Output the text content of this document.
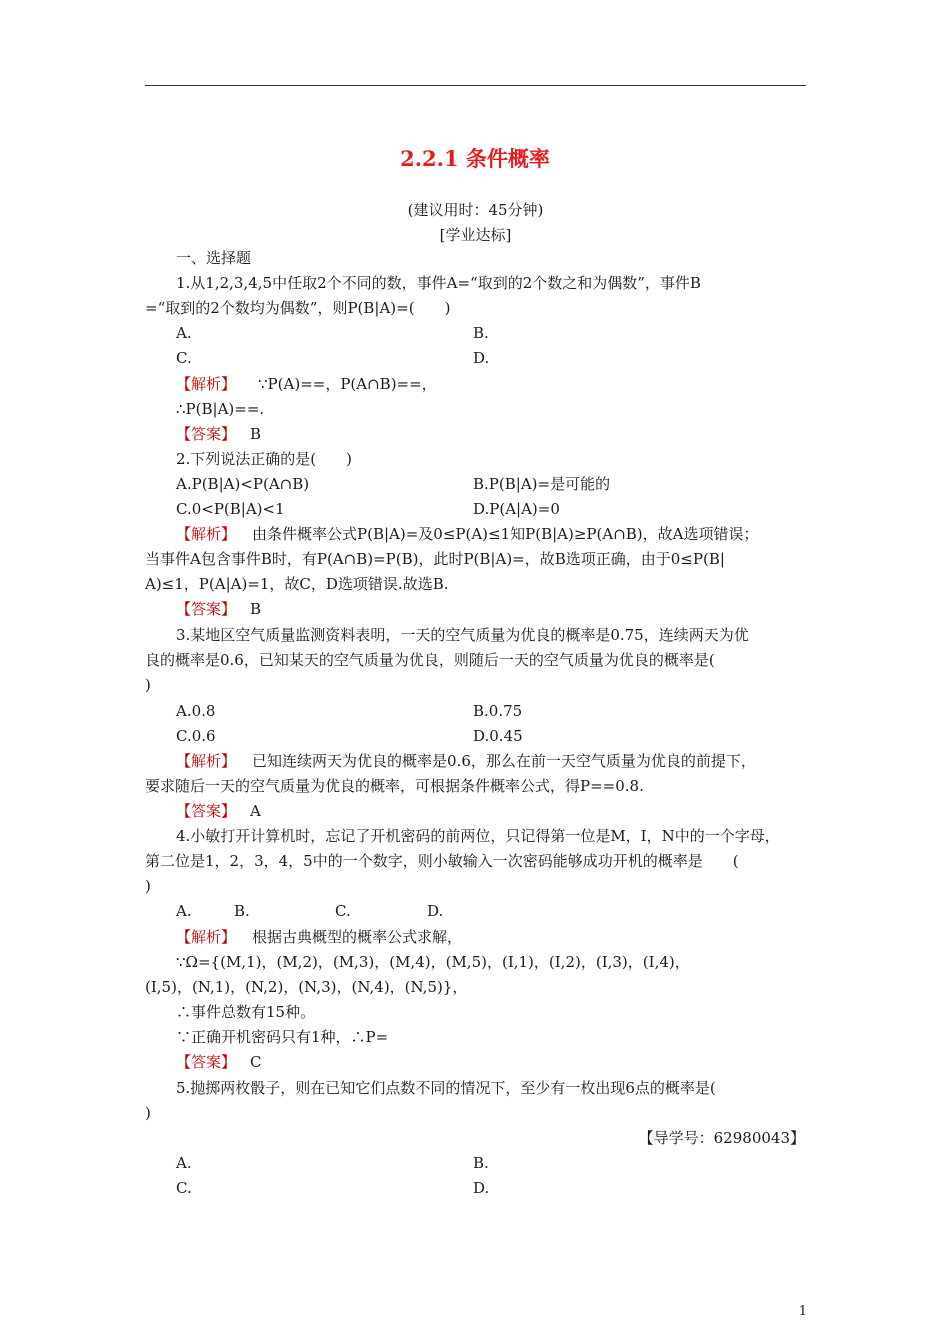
2.2.1 条件概率
(建议用时：45分钟)
[学业达标]
一、选择题
1.从1,2,3,4,5中任取2个不同的数，事件A=“取到的2个数之和为偶数”，事件B
=“取到的2个数均为偶数”，则P(B|A)=(　　)
A.	B.
C.	D.
【解析】 ∵P(A)==，P(A∩B)==，
∴P(B|A)==.
【答案】 B
2.下列说法正确的是(　　)
A.P(B|A)<P(A∩B)	B.P(B|A)=是可能的
C.0<P(B|A)<1	D.P(A|A)=0
【解析】 由条件概率公式P(B|A)=及0≤P(A)≤1知P(B|A)≥P(A∩B)，故A选项错误；
当事件A包含事件B时，有P(A∩B)=P(B)，此时P(B|A)=，故B选项正确，由于0≤P(B|
A)≤1，P(A|A)=1，故C，D选项错误.故选B.
【答案】 B
3.某地区空气质量监测资料表明，一天的空气质量为优良的概率是0.75，连续两天为优
良的概率是0.6，已知某天的空气质量为优良，则随后一天的空气质量为优良的概率是(
)
A.0.8	B.0.75
C.0.6	D.0.45
【解析】 已知连续两天为优良的概率是0.6，那么在前一天空气质量为优良的前提下，
要求随后一天的空气质量为优良的概率，可根据条件概率公式，得P==0.8.
【答案】 A
4.小敏打开计算机时，忘记了开机密码的前两位，只记得第一位是M，I，N中的一个字母，
第二位是1，2，3，4，5中的一个数字，则小敏输入一次密码能够成功开机的概率是　　(
)
A.	B.	C.	D.
【解析】 根据古典概型的概率公式求解，
∵Ω={(M,1)，(M,2)，(M,3)，(M,4)，(M,5)，(I,1)，(I,2)，(I,3)，(I,4)，
(I,5)，(N,1)，(N,2)，(N,3)，(N,4)，(N,5)}，
∴事件总数有15种。
∵正确开机密码只有1种，∴P=
【答案】 C
5.抛掷两枚骰子，则在已知它们点数不同的情况下，至少有一枚出现6点的概率是(
)
【导学号：62980043】
A.	B.
C.	D.
1
